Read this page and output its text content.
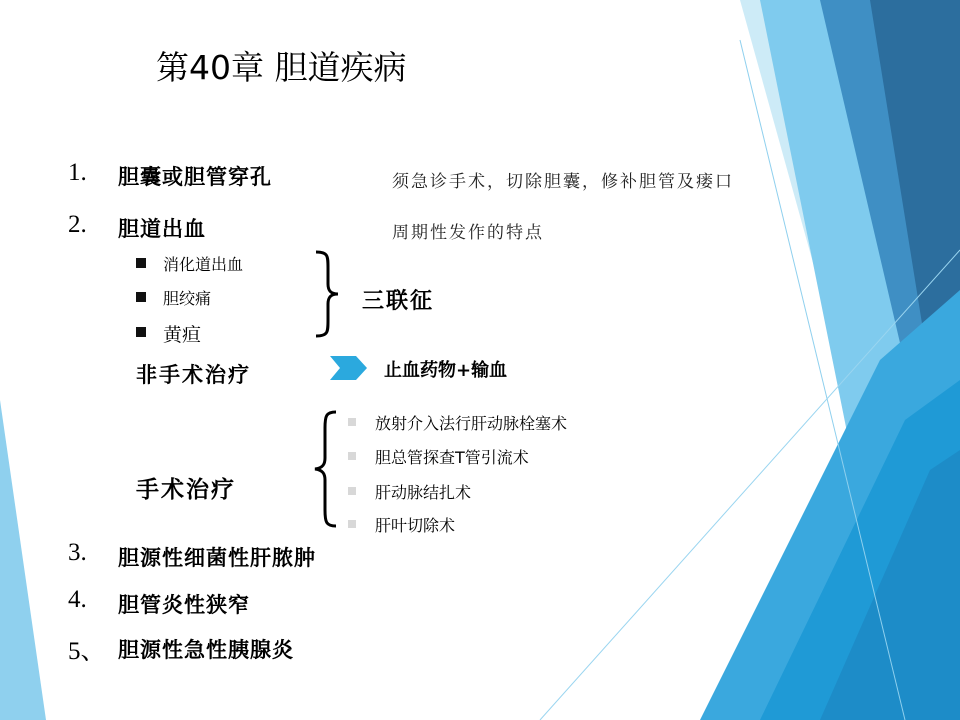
第40章 胆道疾病
1. 胆囊或胆管穿孔	须急诊手术，切除胆囊，修补胆管及瘘口
2. 胆道出血	周期性发作的特点
消化道出血
胆绞痛
黄疸
三联征
非手术治疗	止血药物+输血
手术治疗
放射介入法行肝动脉栓塞术
胆总管探查T管引流术
肝动脉结扎术
肝叶切除术
3. 胆源性细菌性肝脓肿
4. 胆管炎性狭窄
5、 胆源性急性胰腺炎
